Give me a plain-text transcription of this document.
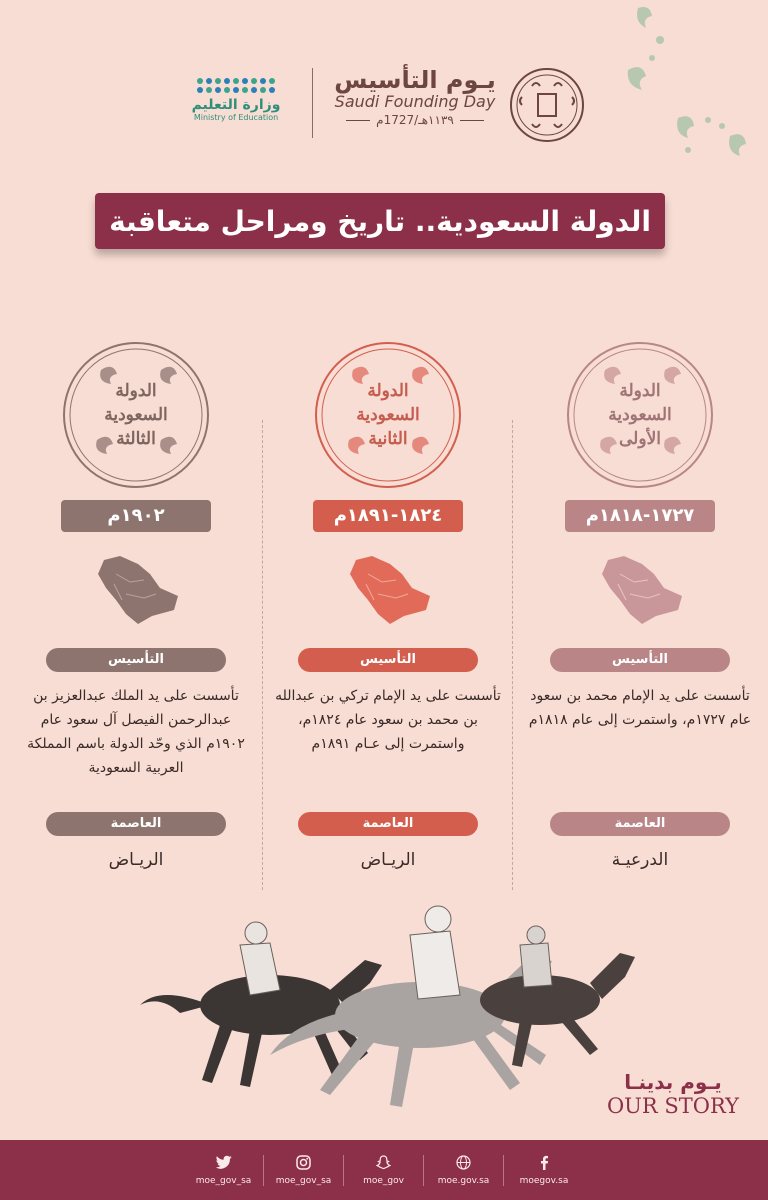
وزارة التعليم
Ministry of Education
يـوم التأسيس
Saudi Founding Day
١١٣٩هـ/1727م
الدولة السعودية.. تاريخ ومراحل متعاقبة
الدولة
السعودية
الأولى
١٧٢٧-١٨١٨م
التأسيس
تأسست على يد الإمام محمد بن سعود عام ١٧٢٧م، واستمرت إلى عام ١٨١٨م
العاصمة
الدرعيـة
الدولة
السعودية
الثانية
١٨٢٤-١٨٩١م
التأسيس
تأسست على يد الإمام تركي بن عبدالله بن محمد بن سعود عام ١٨٢٤م، واستمرت إلى عـام ١٨٩١م
العاصمة
الريـاض
الدولة
السعودية
الثالثة
١٩٠٢م
التأسيس
تأسست على يد الملك عبدالعزيز بن عبدالرحمن الفيصل آل سعود عام ١٩٠٢م الذي وحّد الدولة باسم المملكة العربية السعودية
العاصمة
الريـاض
يـوم بدينـا
OUR STORY
moe_gov_sa	moe_gov_sa	moe_gov	moe.gov.sa	moegov.sa
